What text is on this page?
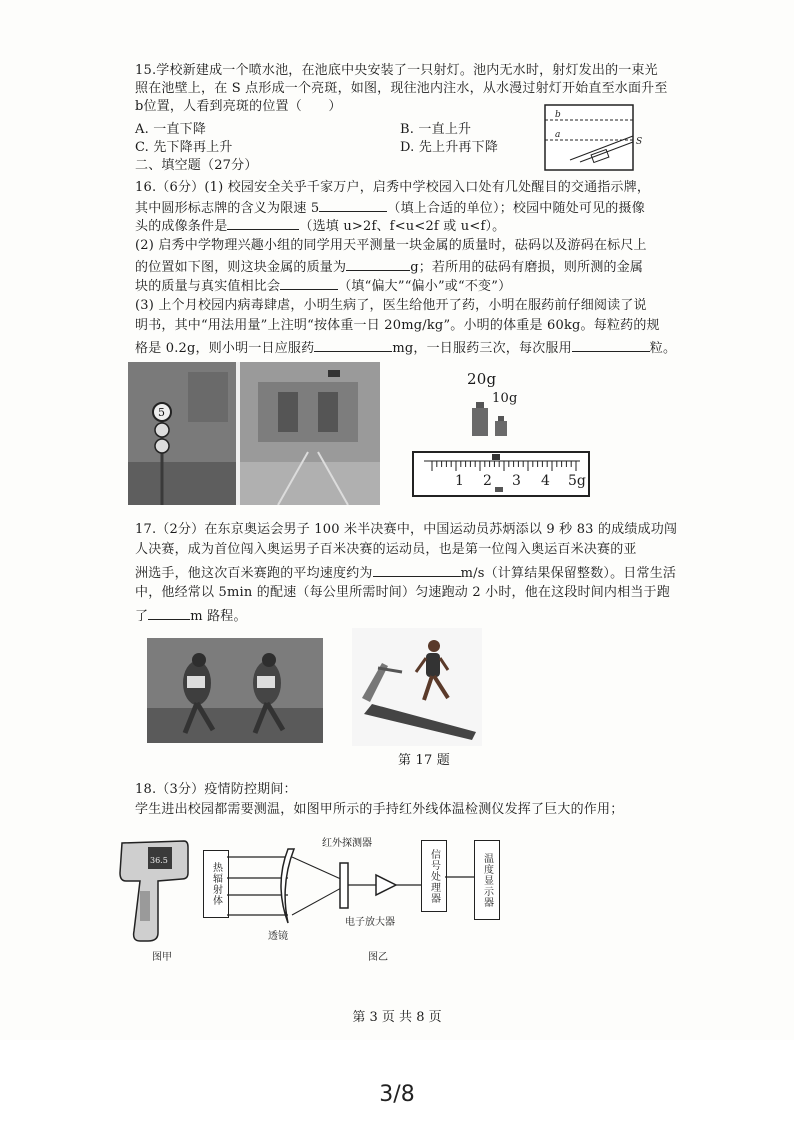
15.学校新建成一个喷水池，在池底中央安装了一只射灯。池内无水时，射灯发出的一束光
照在池壁上，在 S 点形成一个亮斑，如图，现往池内注水，从水漫过射灯开始直至水面升至
b位置，人看到亮斑的位置（　　）
A. 一直下降	B. 一直上升
C. 先下降再上升	D. 先上升再下降
b
a
S
二、填空题（27分）
16.（6分）(1) 校园安全关乎千家万户，启秀中学校园入口处有几处醒目的交通指示牌，
其中圆形标志牌的含义为限速 5	（填上合适的单位）；校园中随处可见的摄像
头的成像条件是	（选填 u>2f、f<u<2f 或 u<f）。
(2) 启秀中学物理兴趣小组的同学用天平测量一块金属的质量时，砝码以及游码在标尺上
的位置如下图，则这块金属的质量为	g；若所用的砝码有磨损，则所测的金属
块的质量与真实值相比会	（填“偏大”“偏小”或“不变”）
(3) 上个月校园内病毒肆虐，小明生病了，医生给他开了药，小明在服药前仔细阅读了说
明书，其中“用法用量”上注明“按体重一日 20mg/kg”。小明的体重是 60kg。每粒药的规
格是 0.2g，则小明一日应服药	mg，一日服药三次，每次服用	粒。
5
20g
10g
1 2 3 4 5g
17.（2分）在东京奥运会男子 100 米半决赛中，中国运动员苏炳添以 9 秒 83 的成绩成功闯
人决赛，成为首位闯入奥运男子百米决赛的运动员，也是第一位闯入奥运百米决赛的亚
洲选手，他这次百米赛跑的平均速度约为	m/s（计算结果保留整数）。日常生活
中，他经常以 5min 的配速（每公里所需时间）匀速跑动 2 小时，他在这段时间内相当于跑
了	m 路程。
第 17 题
18.（3分）疫情防控期间：
学生进出校园都需要测温，如图甲所示的手持红外线体温检测仪发挥了巨大的作用；
36.5
图甲
热辐射体
红外探测器
透镜
电子放大器
信号处理器	温度显示器
图乙
第 3 页 共 8 页
3/8
